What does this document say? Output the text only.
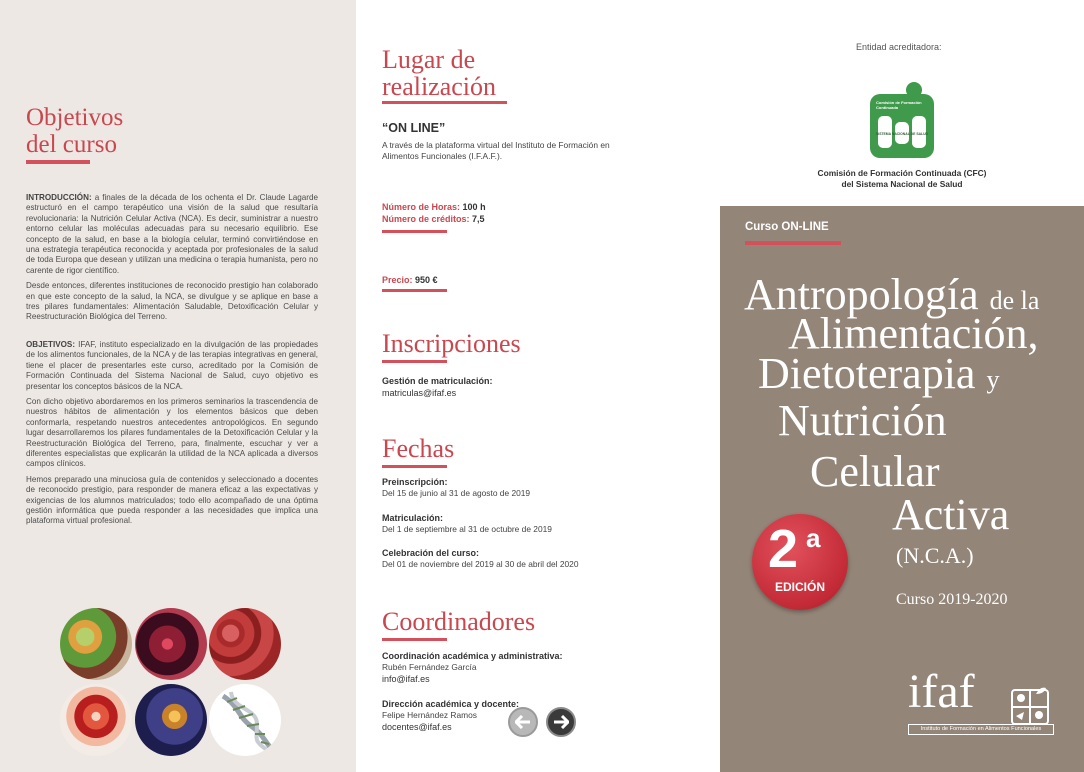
Objetivos
del curso

INTRODUCCIÓN: a finales de la década de los ochenta el Dr. Claude Lagarde estructuró en el campo terapéutico una visión de la salud que resultaría revolucionaria: la Nutrición Celular Activa (NCA). Es decir, suministrar a nuestro entorno celular las moléculas adecuadas para su necesario equilibrio. Ese concepto de la salud, en base a la biología celular, terminó convirtiéndose en una estrategia terapéutica reconocida y aceptada por profesionales de la salud de toda Europa que desean y utilizan una medicina o terapia humanista, pero no carente de rigor científico.

Desde entonces, diferentes instituciones de reconocido prestigio han colaborado en que este concepto de la salud, la NCA, se divulgue y se aplique en base a tres pilares fundamentales: Alimentación Saludable, Detoxificación Celular y Reestructuración Biológica del Terreno.

OBJETIVOS: IFAF, instituto especializado en la divulgación de las propiedades de los alimentos funcionales, de la NCA y de las terapias integrativas en general, tiene el placer de presentarles este curso, acreditado por la Comisión de Formación Continuada del Sistema Nacional de Salud, cuyo objetivo es presentar los conceptos básicos de la NCA.

Con dicho objetivo abordaremos en los primeros seminarios la trascendencia de nuestros hábitos de alimentación y los elementos básicos que deben conformarla, respetando nuestros antecedentes antropológicos. En segundo lugar desarrollaremos los pilares fundamentales de la Detoxificación Celular y la Reestructuración Biológica del Terreno, para, finalmente, escuchar y ver a diferentes especialistas que explicarán la utilidad de la NCA aplicada a diversos campos clínicos.

Hemos preparado una minuciosa guía de contenidos y seleccionado a docentes de reconocido prestigio, para responder de manera eficaz a las expectativas y exigencias de los alumnos matriculados; todo ello acompañado de una óptima gestión informática que pueda responder a las necesidades que implica una plataforma virtual profesional.

Lugar de
realización
“ON LINE”
A través de la plataforma virtual del Instituto de Formación en Alimentos Funcionales (I.F.A.F.).
Número de Horas: 100 h
Número de créditos: 7,5
Precio: 950 €
Inscripciones
Gestión de matriculación:
matriculas@ifaf.es
Fechas
Preinscripción:
Del 15 de junio al 31 de agosto de 2019
Matriculación:
Del 1 de septiembre al 31 de octubre de 2019
Celebración del curso:
Del 01 de noviembre del 2019 al 30 de abril del 2020
Coordinadores
Coordinación académica y administrativa:
Rubén Fernández García
info@ifaf.es
Dirección académica y docente:
Felipe Hernández Ramos
docentes@ifaf.es
Entidad acreditadora:
Comisión de Formación Continuada
SISTEMA NACIONAL DE SALUD
Comisión de Formación Continuada (CFC)
del Sistema Nacional de Salud
Curso ON-LINE
Antropología de la
Alimentación,
Dietoterapia y
Nutrición
Celular
Activa
(N.C.A.)
Curso 2019-2020
2 a
EDICIÓN
ifaf
Instituto de Formación en Alimentos Funcionales
